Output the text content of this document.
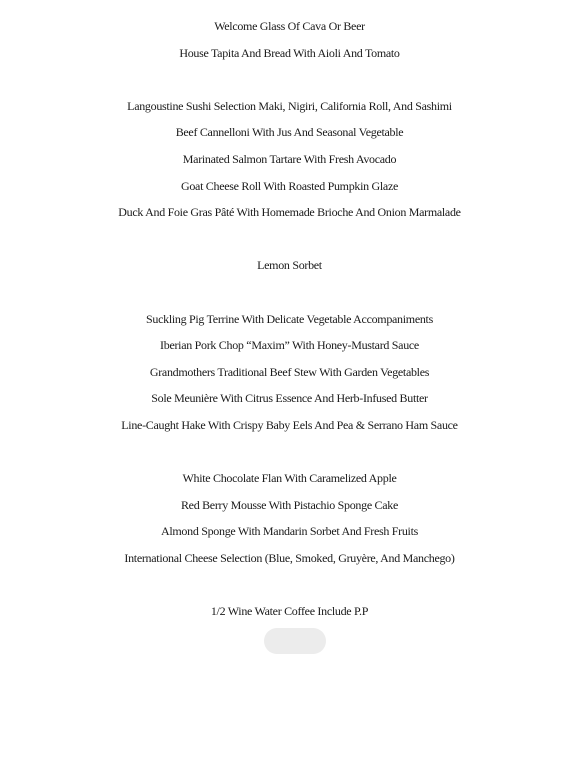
Welcome Glass Of Cava Or Beer
House Tapita And Bread With Aioli And Tomato
Langoustine Sushi Selection Maki, Nigiri, California Roll, And Sashimi
Beef Cannelloni With Jus And Seasonal Vegetable
Marinated Salmon Tartare With Fresh Avocado
Goat Cheese Roll With Roasted Pumpkin Glaze
Duck And Foie Gras Pâté With Homemade Brioche And Onion Marmalade
Lemon Sorbet
Suckling Pig Terrine With Delicate Vegetable Accompaniments
Iberian Pork Chop “Maxim” With Honey-Mustard Sauce
Grandmothers Traditional Beef Stew With Garden Vegetables
Sole Meunière With Citrus Essence And Herb-Infused Butter
Line-Caught Hake With Crispy Baby Eels And Pea & Serrano Ham Sauce
White Chocolate Flan With Caramelized Apple
Red Berry Mousse With Pistachio Sponge Cake
Almond Sponge With Mandarin Sorbet And Fresh Fruits
International Cheese Selection (Blue, Smoked, Gruyère, And Manchego)
1/2 Wine Water Coffee Include P.P
